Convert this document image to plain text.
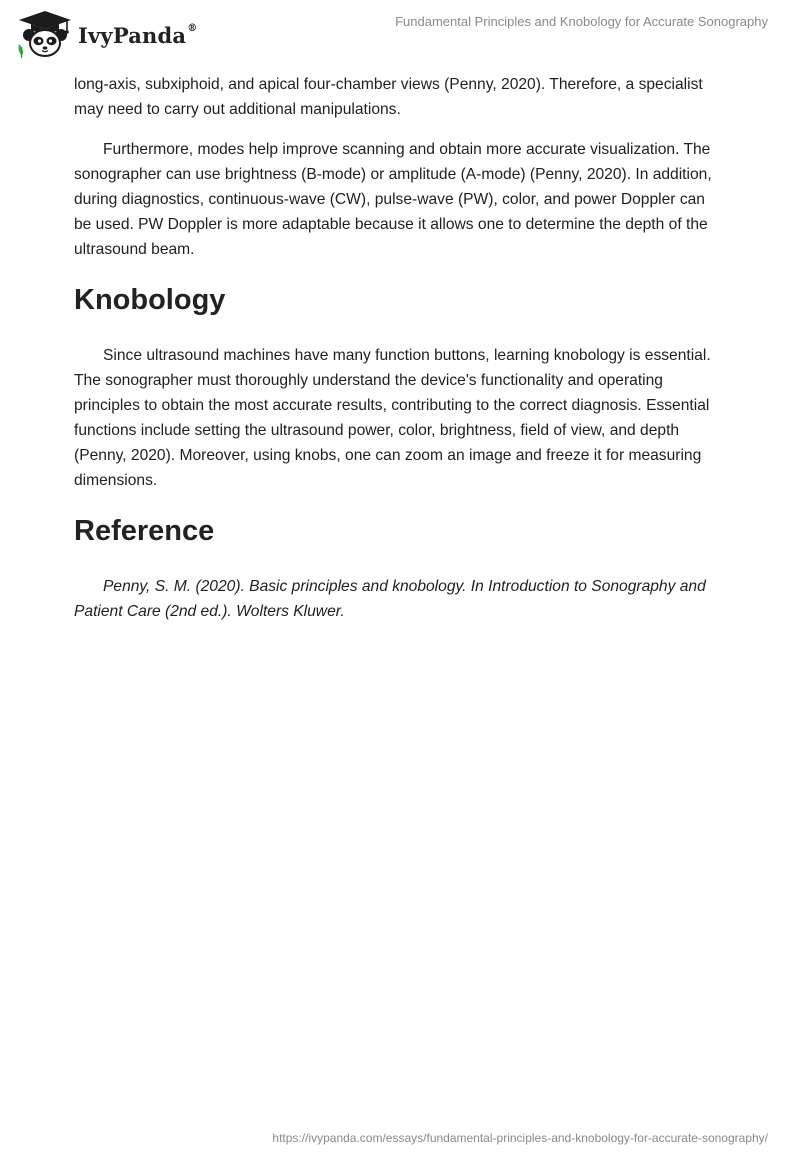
IvyPanda®	Fundamental Principles and Knobology for Accurate Sonography

long-axis, subxiphoid, and apical four-chamber views (Penny, 2020). Therefore, a specialist may need to carry out additional manipulations.

Furthermore, modes help improve scanning and obtain more accurate visualization. The sonographer can use brightness (B-mode) or amplitude (A-mode) (Penny, 2020). In addition, during diagnostics, continuous-wave (CW), pulse-wave (PW), color, and power Doppler can be used. PW Doppler is more adaptable because it allows one to determine the depth of the ultrasound beam.

Knobology

Since ultrasound machines have many function buttons, learning knobology is essential. The sonographer must thoroughly understand the device's functionality and operating principles to obtain the most accurate results, contributing to the correct diagnosis. Essential functions include setting the ultrasound power, color, brightness, field of view, and depth (Penny, 2020). Moreover, using knobs, one can zoom an image and freeze it for measuring dimensions.

Reference

Penny, S. M. (2020). Basic principles and knobology. In Introduction to Sonography and Patient Care (2nd ed.). Wolters Kluwer.

https://ivypanda.com/essays/fundamental-principles-and-knobology-for-accurate-sonography/
